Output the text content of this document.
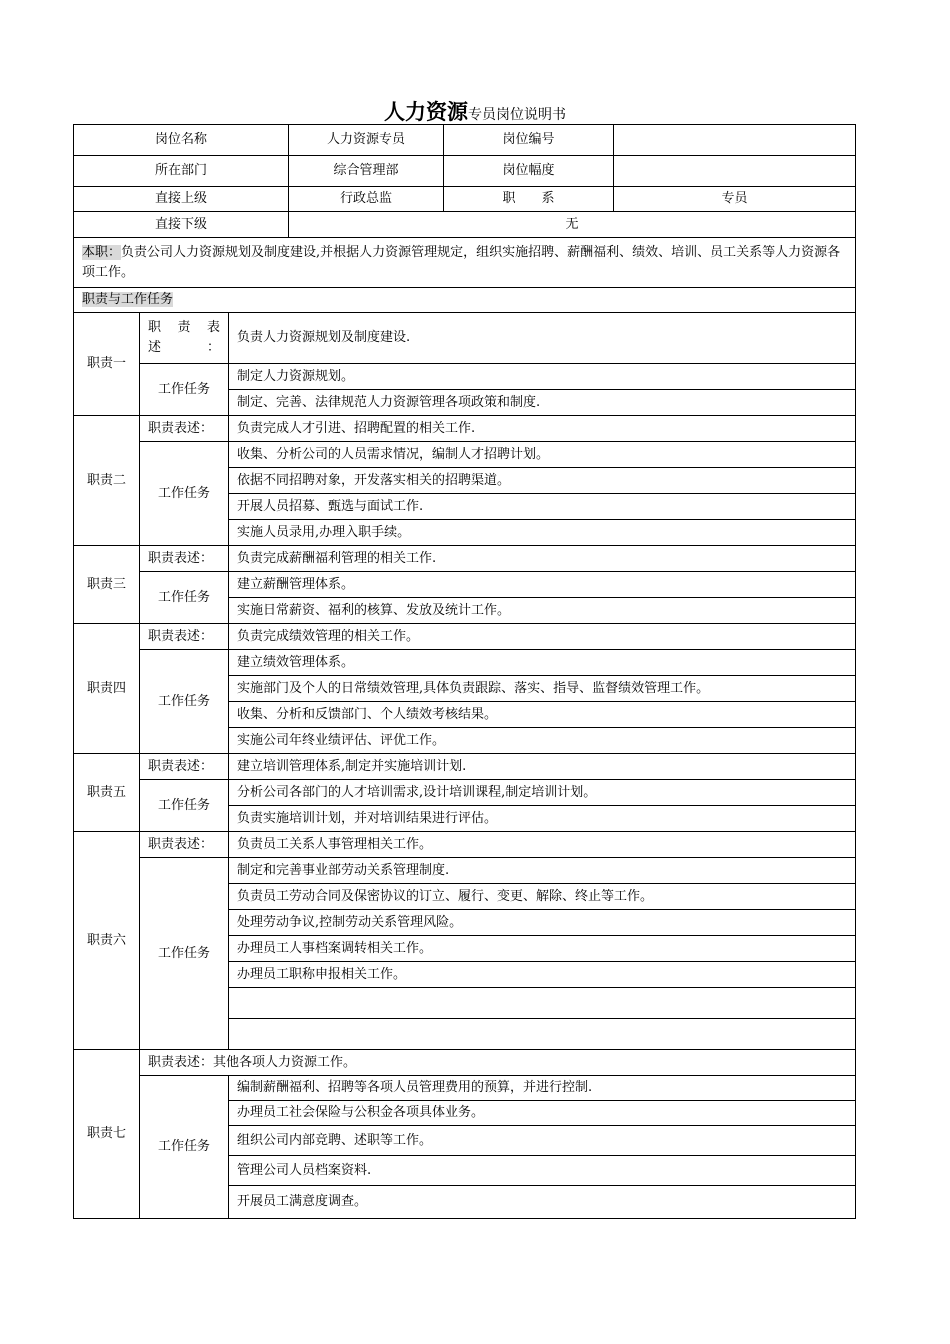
人力资源专员岗位说明书
岗位名称			人力资源专员	岗位编号	
所在部门			综合管理部	岗位幅度	
直接上级			行政总监	职　　系	专员
直接下级			无		
本职：负责公司人力资源规划及制度建设,并根据人力资源管理规定，组织实施招聘、薪酬福利、绩效、培训、员工关系等人力资源各项工作。					
职责与工作任务					
职责一	职　责　表述：	负责人力资源规划及制度建设.			
	工作任务	制定人力资源规划。			
		制定、完善、法律规范人力资源管理各项政策和制度.			
职责二	职责表述：	负责完成人才引进、招聘配置的相关工作.			
	工作任务	收集、分析公司的人员需求情况，编制人才招聘计划。			
		依据不同招聘对象，开发落实相关的招聘渠道。			
		开展人员招募、甄选与面试工作.			
		实施人员录用,办理入职手续。			
职责三	职责表述：	负责完成薪酬福利管理的相关工作.			
	工作任务	建立薪酬管理体系。			
		实施日常薪资、福利的核算、发放及统计工作。			
职责四	职责表述：	负责完成绩效管理的相关工作。			
	工作任务	建立绩效管理体系。			
		实施部门及个人的日常绩效管理,具体负责跟踪、落实、指导、监督绩效管理工作。			
		收集、分析和反馈部门、个人绩效考核结果。			
		实施公司年终业绩评估、评优工作。			
职责五	职责表述：	建立培训管理体系,制定并实施培训计划.			
	工作任务	分析公司各部门的人才培训需求,设计培训课程,制定培训计划。			
		负责实施培训计划，并对培训结果进行评估。			
职责六	职责表述：	负责员工关系人事管理相关工作。			
	工作任务	制定和完善事业部劳动关系管理制度.			
		负责员工劳动合同及保密协议的订立、履行、变更、解除、终止等工作。			
		处理劳动争议,控制劳动关系管理风险。			
		办理员工人事档案调转相关工作。			
		办理员工职称申报相关工作。			

职责七	职责表述：其他各项人力资源工作。				
	工作任务	编制薪酬福利、招聘等各项人员管理费用的预算，并进行控制.			
		办理员工社会保险与公积金各项具体业务。			
		组织公司内部竞聘、述职等工作。			
		管理公司人员档案资料.			
		开展员工满意度调查。			
